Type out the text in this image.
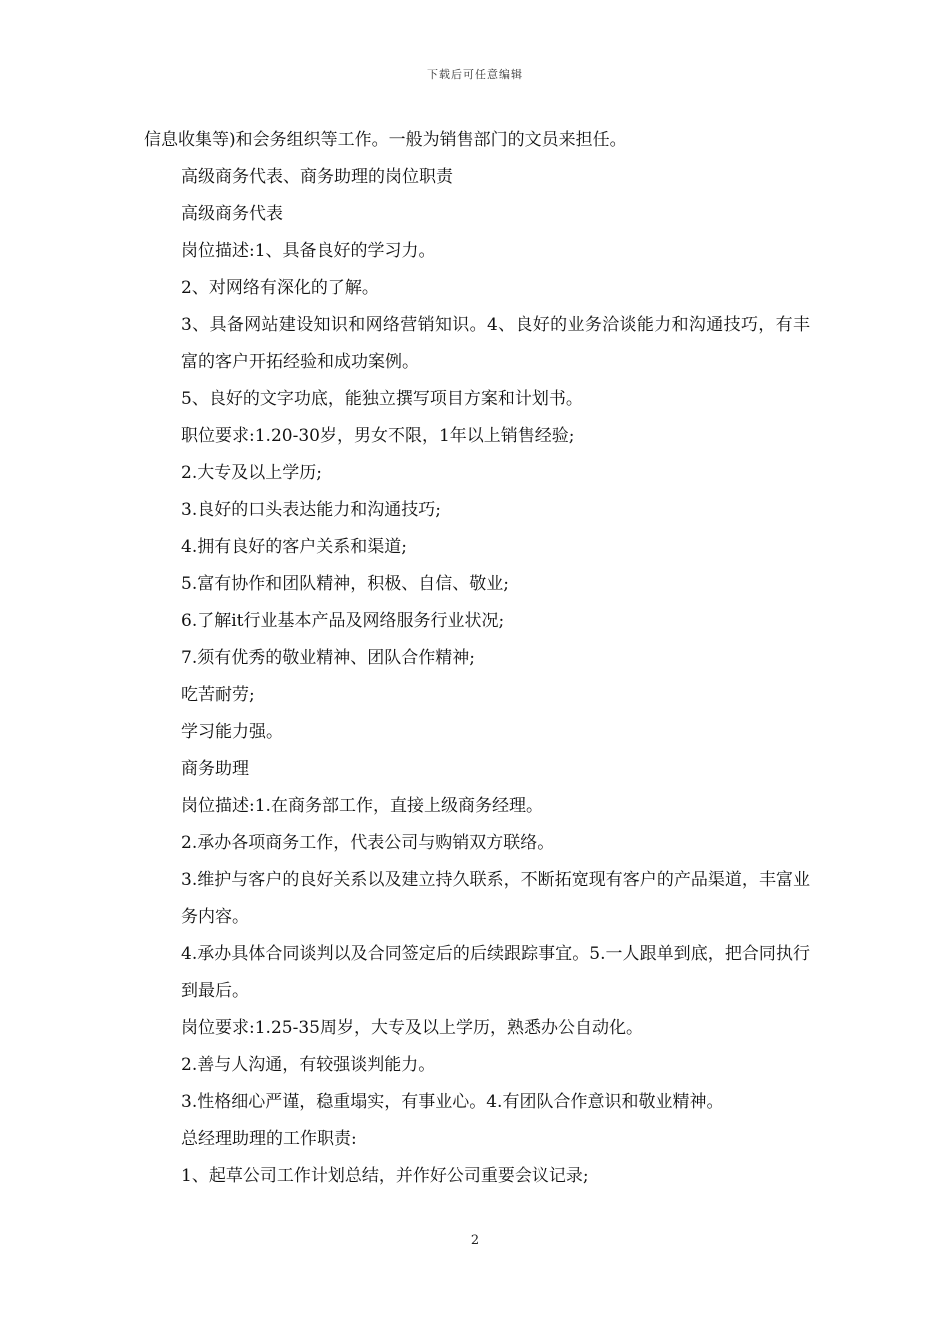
下载后可任意编辑

信息收集等)和会务组织等工作。一般为销售部门的文员来担任。

高级商务代表、商务助理的岗位职责

高级商务代表

岗位描述:1、具备良好的学习力。

2、对网络有深化的了解。

3、具备网站建设知识和网络营销知识。4、良好的业务洽谈能力和沟通技巧，有丰富的客户开拓经验和成功案例。

5、良好的文字功底，能独立撰写项目方案和计划书。

职位要求:1.20-30岁，男女不限，1年以上销售经验;

2.大专及以上学历;

3.良好的口头表达能力和沟通技巧;

4.拥有良好的客户关系和渠道;

5.富有协作和团队精神，积极、自信、敬业;

6.了解it行业基本产品及网络服务行业状况;

7.须有优秀的敬业精神、团队合作精神;

吃苦耐劳;

学习能力强。

商务助理

岗位描述:1.在商务部工作，直接上级商务经理。

2.承办各项商务工作，代表公司与购销双方联络。

3.维护与客户的良好关系以及建立持久联系，不断拓宽现有客户的产品渠道，丰富业务内容。

4.承办具体合同谈判以及合同签定后的后续跟踪事宜。5.一人跟单到底，把合同执行到最后。

岗位要求:1.25-35周岁，大专及以上学历，熟悉办公自动化。

2.善与人沟通，有较强谈判能力。

3.性格细心严谨，稳重塌实，有事业心。4.有团队合作意识和敬业精神。

总经理助理的工作职责:

1、起草公司工作计划总结，并作好公司重要会议记录;

2
